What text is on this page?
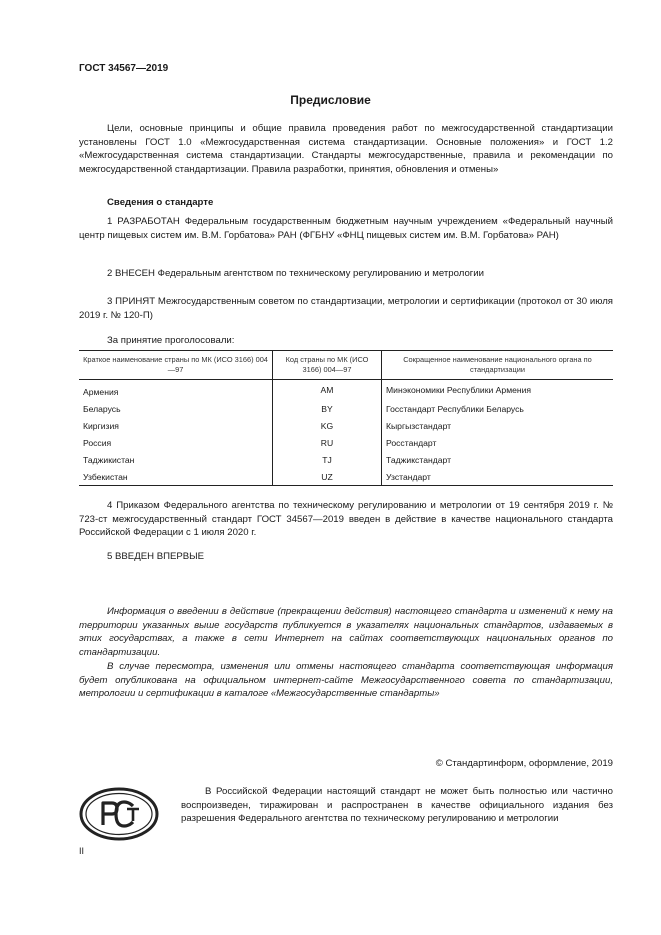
ГОСТ 34567—2019
Предисловие
Цели, основные принципы и общие правила проведения работ по межгосударственной стандартизации установлены ГОСТ 1.0 «Межгосударственная система стандартизации. Основные положения» и ГОСТ 1.2 «Межгосударственная система стандартизации. Стандарты межгосударственные, правила и рекомендации по межгосударственной стандартизации. Правила разработки, принятия, обновления и отмены»
Сведения о стандарте
1 РАЗРАБОТАН Федеральным государственным бюджетным научным учреждением «Федеральный научный центр пищевых систем им. В.М. Горбатова» РАН (ФГБНУ «ФНЦ пищевых систем им. В.М. Горбатова» РАН)
2 ВНЕСЕН Федеральным агентством по техническому регулированию и метрологии
3 ПРИНЯТ Межгосударственным советом по стандартизации, метрологии и сертификации (протокол от 30 июля 2019 г. № 120-П)
За принятие проголосовали:
Краткое наименование страны по МК (ИСО 3166) 004—97	Код страны по МК (ИСО 3166) 004—97	Сокращенное наименование национального органа по стандартизации
Армения	AM	Минэкономики Республики Армения
Беларусь	BY	Госстандарт Республики Беларусь
Киргизия	KG	Кыргызстандарт
Россия	RU	Росстандарт
Таджикистан	TJ	Таджикстандарт
Узбекистан	UZ	Узстандарт
4 Приказом Федерального агентства по техническому регулированию и метрологии от 19 сентября 2019 г. № 723-ст межгосударственный стандарт ГОСТ 34567—2019 введен в действие в качестве национального стандарта Российской Федерации с 1 июля 2020 г.
5 ВВЕДЕН ВПЕРВЫЕ
Информация о введении в действие (прекращении действия) настоящего стандарта и изменений к нему на территории указанных выше государств публикуется в указателях национальных стандартов, издаваемых в этих государствах, а также в сети Интернет на сайтах соответствующих национальных органов по стандартизации.
В случае пересмотра, изменения или отмены настоящего стандарта соответствующая информация будет опубликована на официальном интернет-сайте Межгосударственного совета по стандартизации, метрологии и сертификации в каталоге «Межгосударственные стандарты»
© Стандартинформ, оформление, 2019
В Российской Федерации настоящий стандарт не может быть полностью или частично воспроизведен, тиражирован и распространен в качестве официального издания без разрешения Федерального агентства по техническому регулированию и метрологии
II
